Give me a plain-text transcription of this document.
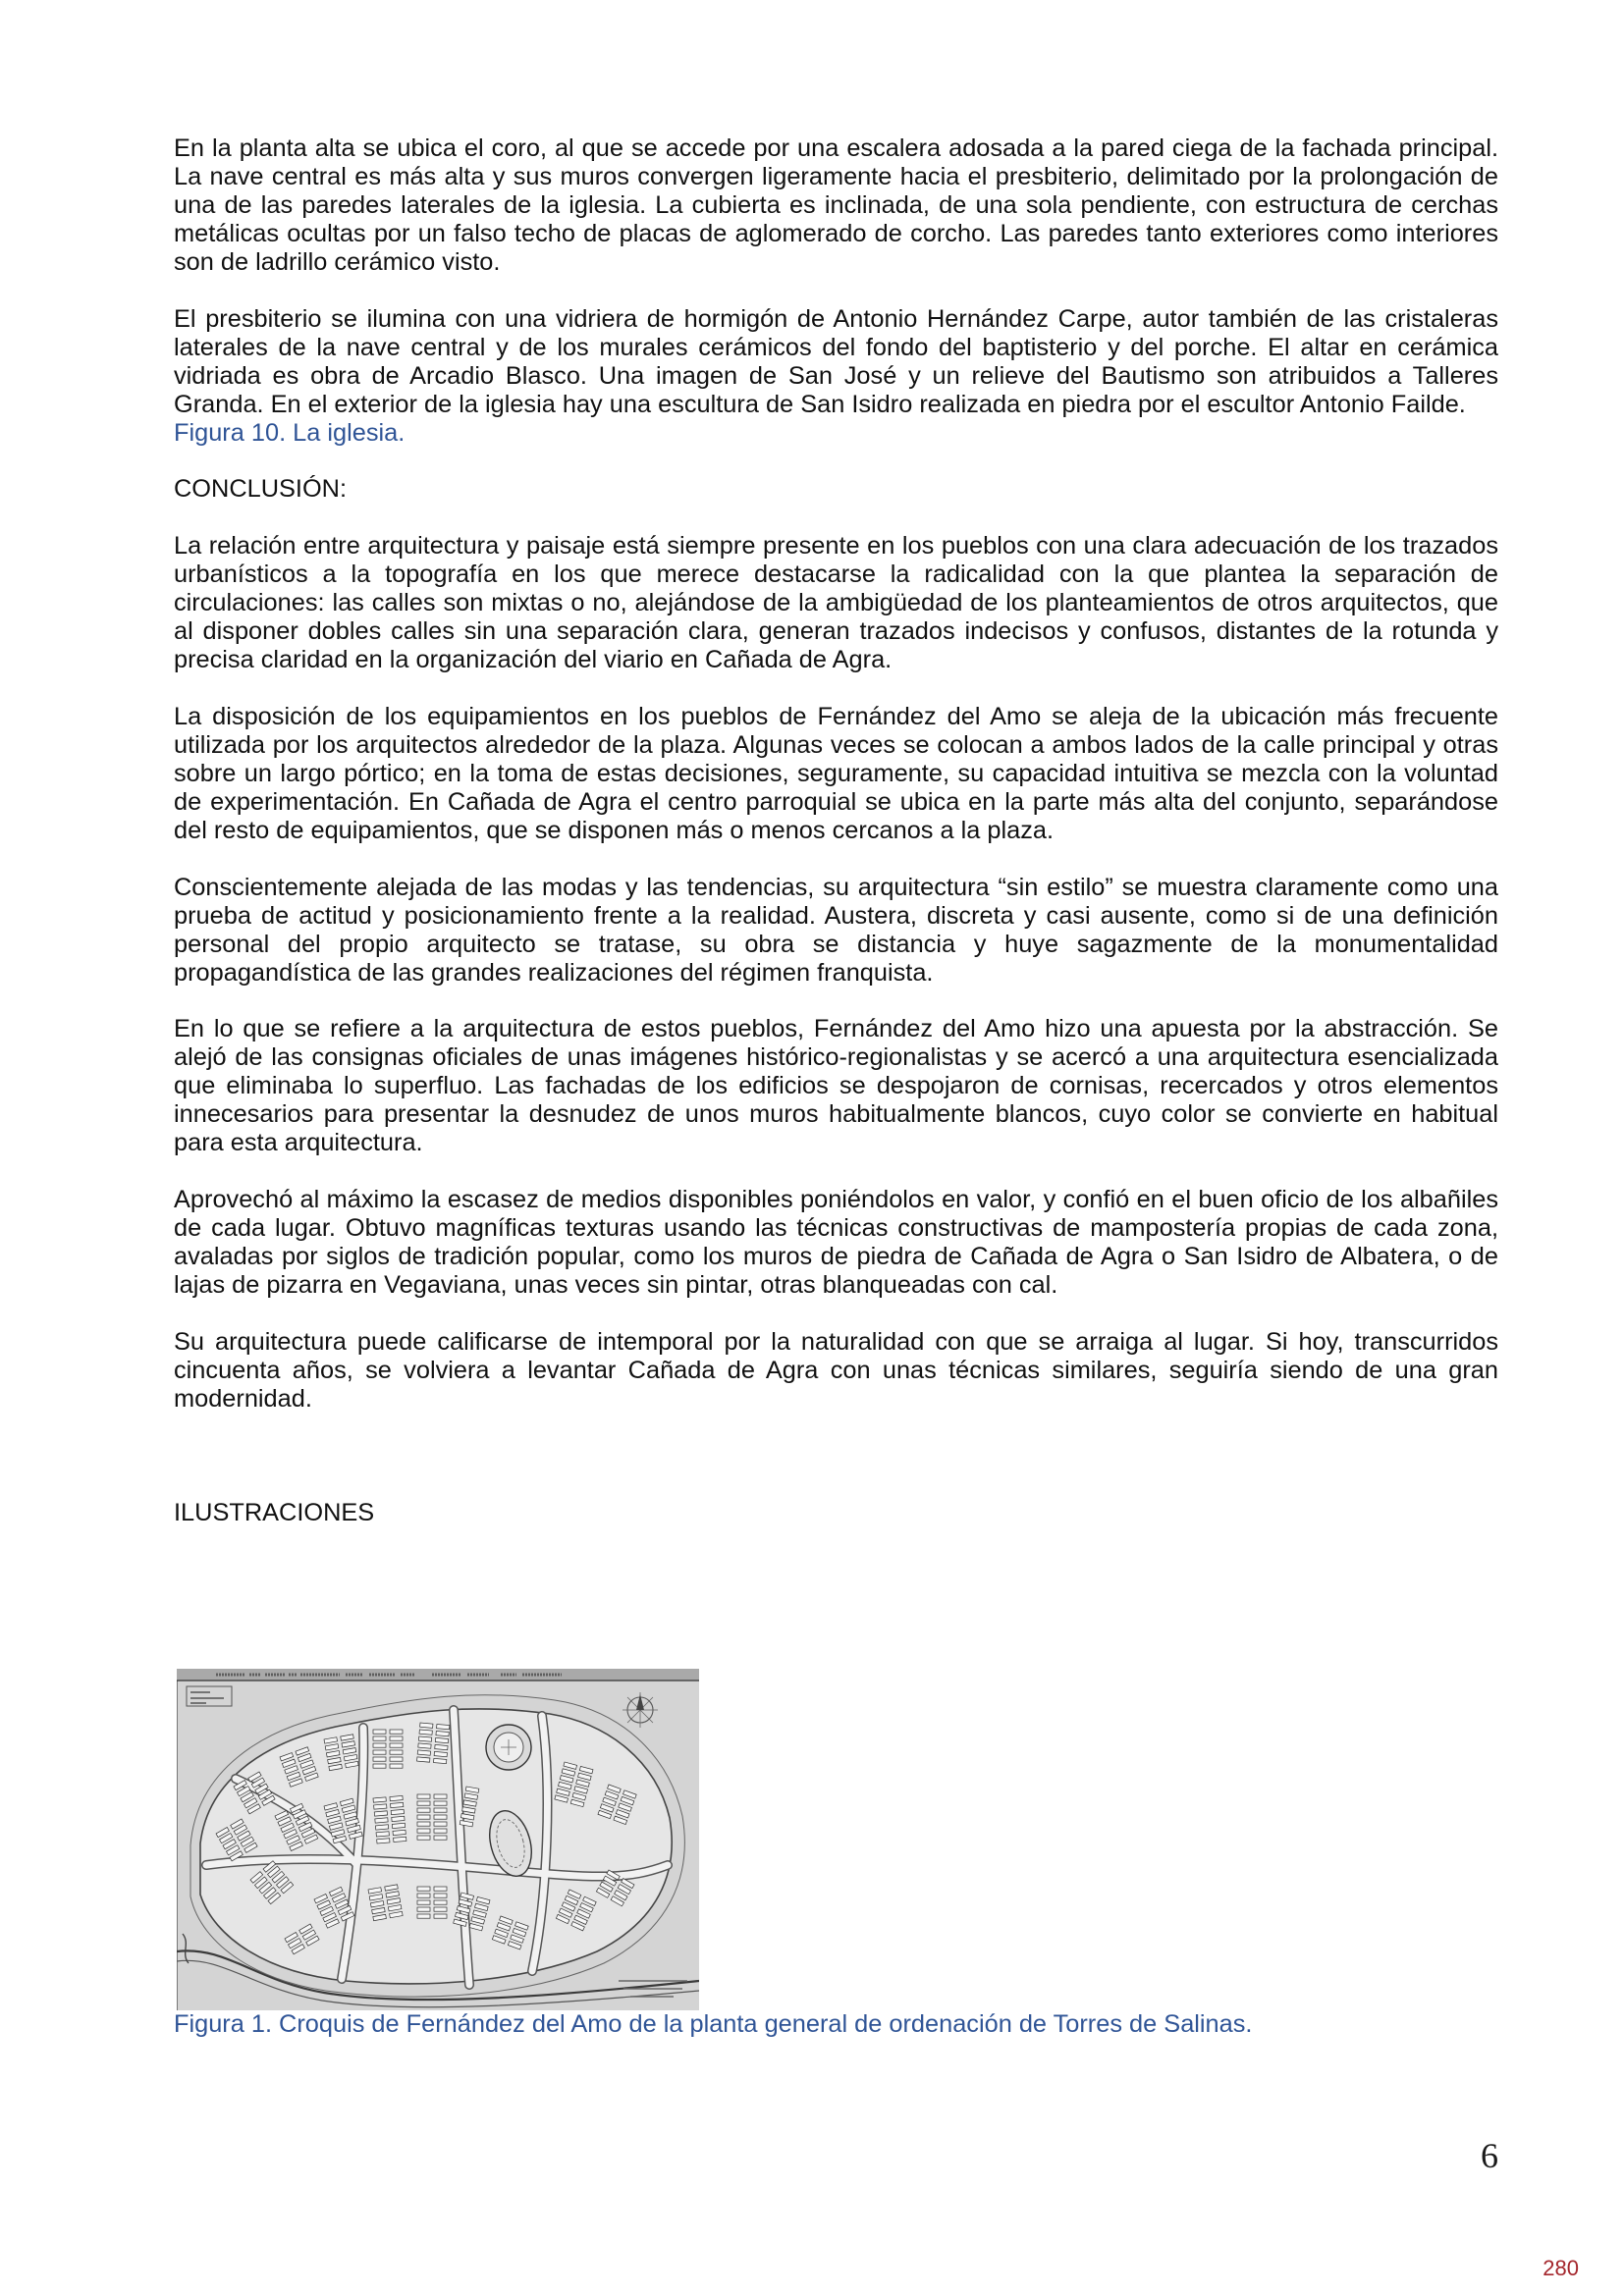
En la planta alta se ubica el coro, al que se accede por una escalera adosada a la pared ciega de la fachada principal. La nave central es más alta y sus muros convergen ligeramente hacia el presbiterio, delimitado por la prolongación de una de las paredes laterales de la iglesia. La cubierta es inclinada, de una sola pendiente, con estructura de cerchas metálicas ocultas por un falso techo de placas de aglomerado de corcho. Las paredes tanto exteriores como interiores son de ladrillo cerámico visto.

El presbiterio se ilumina con una vidriera de hormigón de Antonio Hernández Carpe, autor también de las cristaleras laterales de la nave central y de los murales cerámicos del fondo del baptisterio y del porche. El altar en cerámica vidriada es obra de Arcadio Blasco. Una imagen de San José y un relieve del Bautismo son atribuidos a Talleres Granda. En el exterior de la iglesia hay una escultura de San Isidro realizada en piedra por el escultor Antonio Failde.

Figura 10. La iglesia.

CONCLUSIÓN:

La relación entre arquitectura y paisaje está siempre presente en los pueblos con una clara adecuación de los trazados urbanísticos a la topografía en los que merece destacarse la radicalidad con la que plantea la separación de circulaciones: las calles son mixtas o no, alejándose de la ambigüedad de los planteamientos de otros arquitectos, que al disponer dobles calles sin una separación clara, generan trazados indecisos y confusos, distantes de la rotunda y precisa claridad en la organización del viario en Cañada de Agra.

La disposición de los equipamientos en los pueblos de Fernández del Amo se aleja de la ubicación más frecuente utilizada por los arquitectos alrededor de la plaza. Algunas veces se colocan a ambos lados de la calle principal y otras sobre un largo pórtico; en la toma de estas decisiones, seguramente, su capacidad intuitiva se mezcla con la voluntad de experimentación. En Cañada de Agra el centro parroquial se ubica en la parte más alta del conjunto, separándose del resto de equipamientos, que se disponen más o menos cercanos a la plaza.

Conscientemente alejada de las modas y las tendencias, su arquitectura “sin estilo” se muestra claramente como una prueba de actitud y posicionamiento frente a la realidad. Austera, discreta y casi ausente, como si de una definición personal del propio arquitecto se tratase, su obra se distancia y huye sagazmente de la monumentalidad propagandística de las grandes realizaciones del régimen franquista.

En lo que se refiere a la arquitectura de estos pueblos, Fernández del Amo hizo una apuesta por la abstracción. Se alejó de las consignas oficiales de unas imágenes histórico-regionalistas y se acercó a una arquitectura esencializada que eliminaba lo superfluo. Las fachadas de los edificios se despojaron de cornisas, recercados y otros elementos innecesarios para presentar la desnudez de unos muros habitualmente blancos, cuyo color se convierte en habitual para esta arquitectura.

Aprovechó al máximo la escasez de medios disponibles poniéndolos en valor, y confió en el buen oficio de los albañiles de cada lugar. Obtuvo magníficas texturas usando las técnicas constructivas de mampostería propias de cada zona, avaladas por siglos de tradición popular, como los muros de piedra de Cañada de Agra o San Isidro de Albatera, o de lajas de pizarra en Vegaviana, unas veces sin pintar, otras blanqueadas con cal.

Su arquitectura puede calificarse de intemporal por la naturalidad con que se arraiga al lugar. Si hoy, transcurridos cincuenta años, se volviera a levantar Cañada de Agra con unas técnicas similares, seguiría siendo de una gran modernidad.

ILUSTRACIONES

Figura 1. Croquis de Fernández del Amo de la planta general de ordenación de Torres de Salinas.

6
280
